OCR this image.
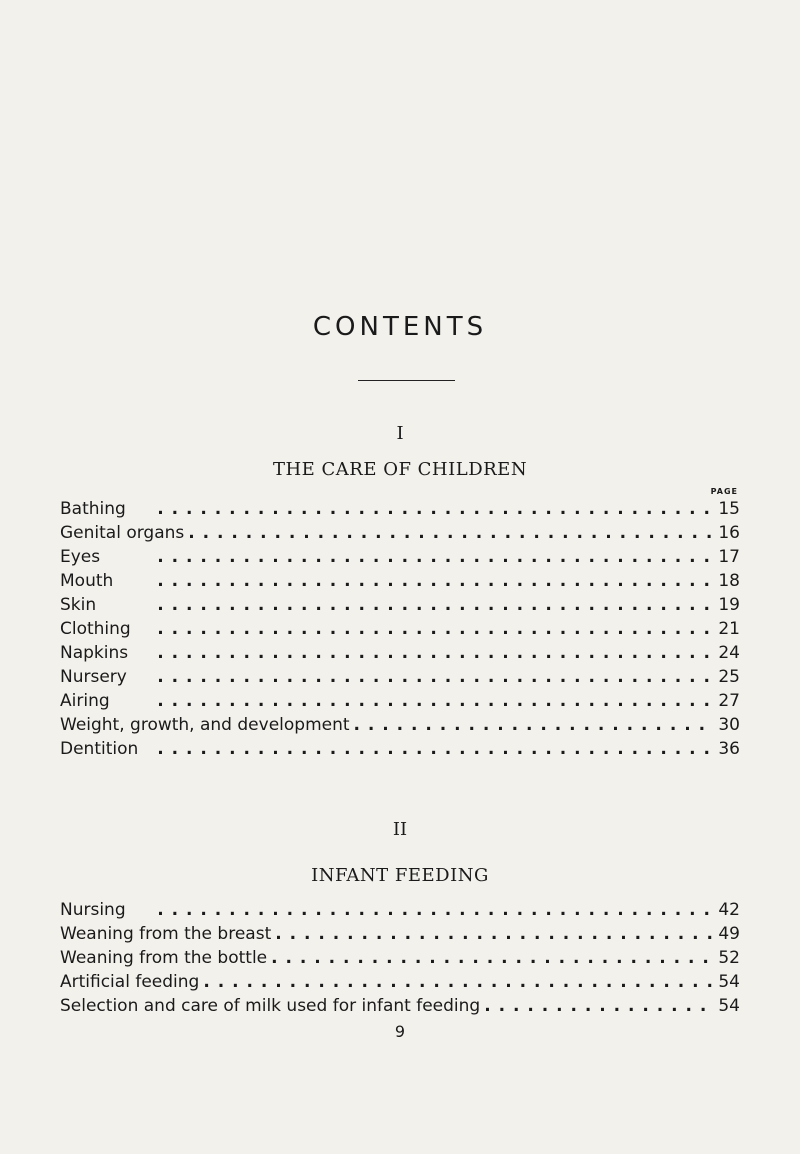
CONTENTS
I
THE CARE OF CHILDREN
PAGE
Bathing . .	15
Genital organs . .	16
Eyes . .	17
Mouth . .	18
Skin . .	19
Clothing . .	21
Napkins . .	24
Nursery . .	25
Airing . .	27
Weight, growth, and development . .	30
Dentition . .	36
II
INFANT FEEDING
Nursing . .	42
Weaning from the breast . .	49
Weaning from the bottle . .	52
Artificial feeding . .	54
Selection and care of milk used for infant feeding . .	54
9
